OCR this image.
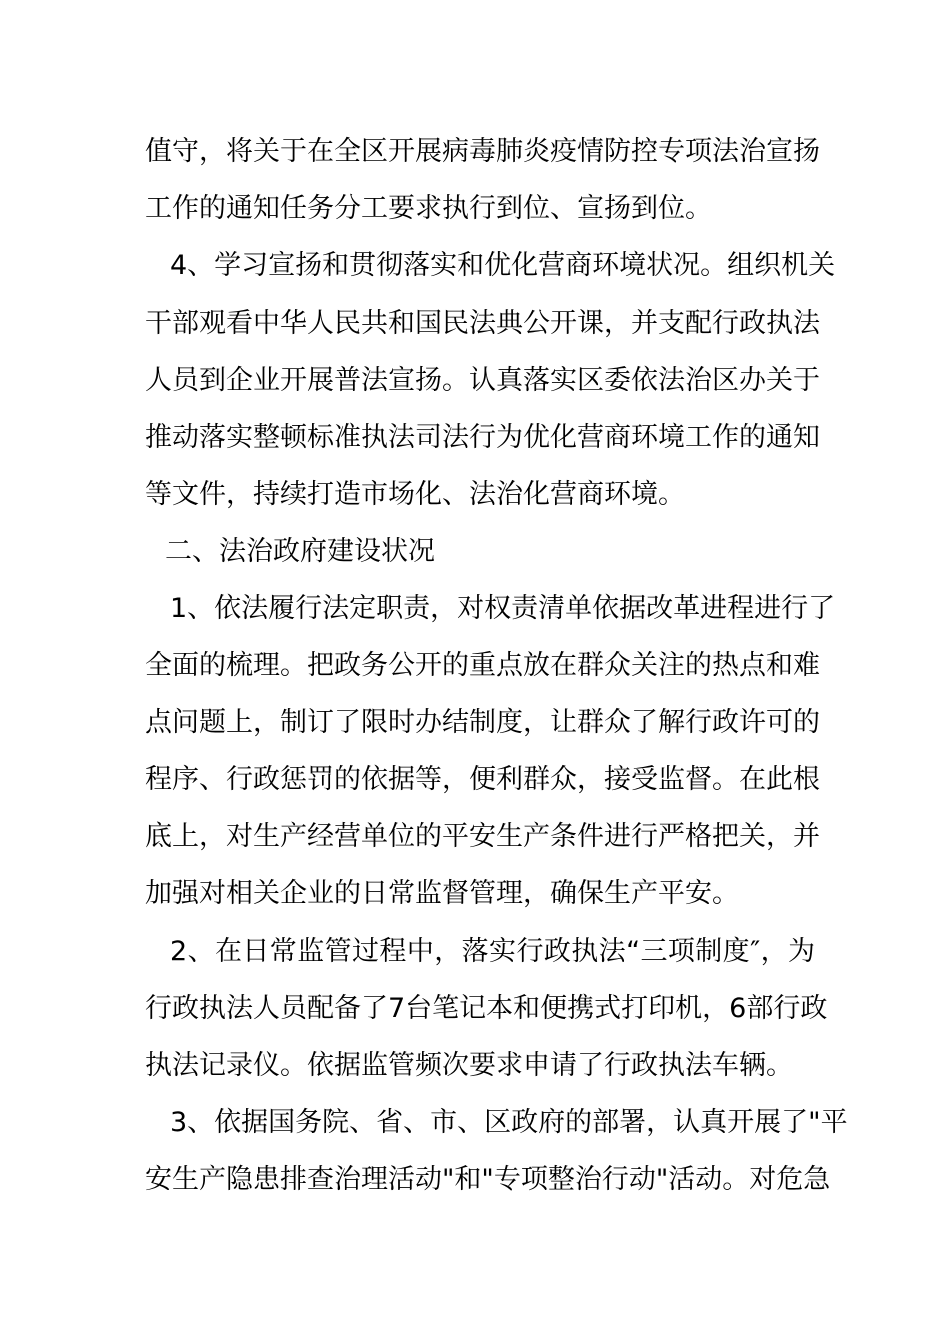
值守，将关于在全区开展病毒肺炎疫情防控专项法治宣扬
工作的通知任务分工要求执行到位、宣扬到位。
4、学习宣扬和贯彻落实和优化营商环境状况。组织机关
干部观看中华人民共和国民法典公开课，并支配行政执法
人员到企业开展普法宣扬。认真落实区委依法治区办关于
推动落实整顿标准执法司法行为优化营商环境工作的通知
等文件，持续打造市场化、法治化营商环境。
二、法治政府建设状况
1、依法履行法定职责，对权责清单依据改革进程进行了
全面的梳理。把政务公开的重点放在群众关注的热点和难
点问题上，制订了限时办结制度，让群众了解行政许可的
程序、行政惩罚的依据等，便利群众，接受监督。在此根
底上，对生产经营单位的平安生产条件进行严格把关，并
加强对相关企业的日常监督管理，确保生产平安。
2、在日常监管过程中，落实行政执法“三项制度″，为
行政执法人员配备了7台笔记本和便携式打印机，6部行政
执法记录仪。依据监管频次要求申请了行政执法车辆。
3、依据国务院、省、市、区政府的部署，认真开展了"平
安生产隐患排查治理活动"和"专项整治行动"活动。对危急
